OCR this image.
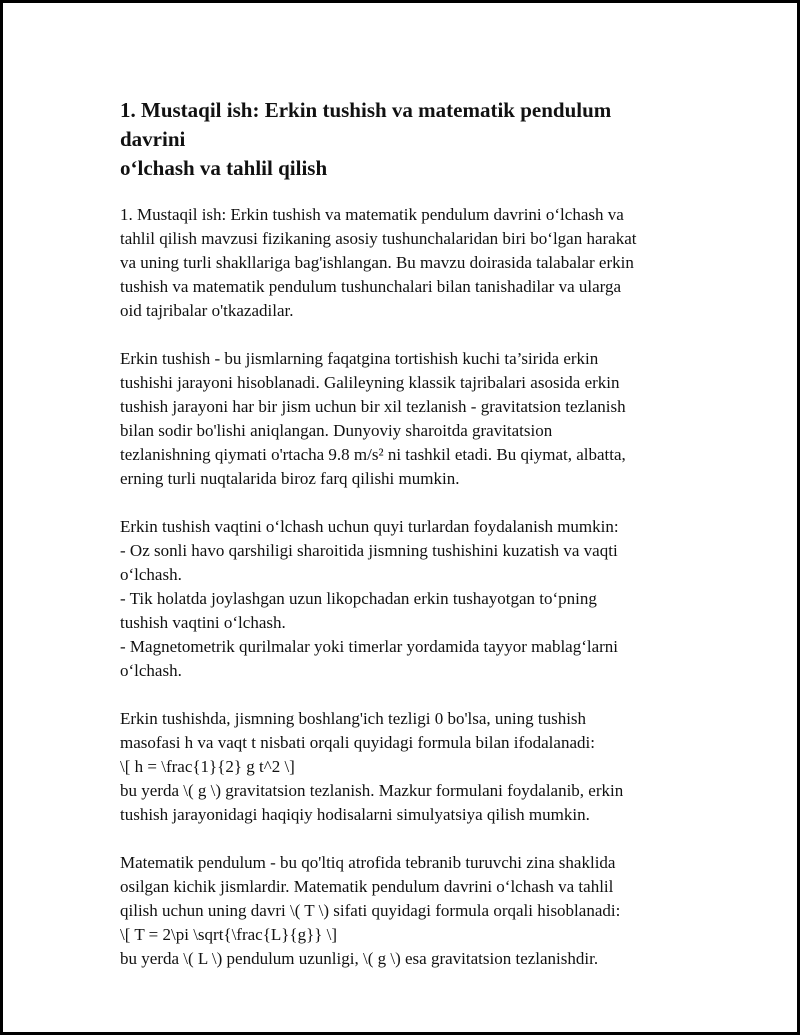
1. Mustaqil ish: Erkin tushish va matematik pendulum davrini
o‘lchash va tahlil qilish

1. Mustaqil ish: Erkin tushish va matematik pendulum davrini o‘lchash va
tahlil qilish mavzusi fizikaning asosiy tushunchalaridan biri bo‘lgan harakat
va uning turli shakllariga bag'ishlangan. Bu mavzu doirasida talabalar erkin
tushish va matematik pendulum tushunchalari bilan tanishadilar va ularga
oid tajribalar o'tkazadilar.

Erkin tushish - bu jismlarning faqatgina tortishish kuchi ta’sirida erkin
tushishi jarayoni hisoblanadi. Galileyning klassik tajribalari asosida erkin
tushish jarayoni har bir jism uchun bir xil tezlanish - gravitatsion tezlanish
bilan sodir bo'lishi aniqlangan. Dunyoviy sharoitda gravitatsion
tezlanishning qiymati o'rtacha 9.8 m/s² ni tashkil etadi. Bu qiymat, albatta,
erning turli nuqtalarida biroz farq qilishi mumkin.

Erkin tushish vaqtini o‘lchash uchun quyi turlardan foydalanish mumkin:
- Oz sonli havo qarshiligi sharoitida jismning tushishini kuzatish va vaqti
o‘lchash.
- Tik holatda joylashgan uzun likopchadan erkin tushayotgan to‘pning
tushish vaqtini o‘lchash.
- Magnetometrik qurilmalar yoki timerlar yordamida tayyor mablag‘larni
o‘lchash.

Erkin tushishda, jismning boshlang'ich tezligi 0 bo'lsa, uning tushish
masofasi h va vaqt t nisbati orqali quyidagi formula bilan ifodalanadi:
\[ h = \frac{1}{2} g t^2 \]
bu yerda \( g \) gravitatsion tezlanish. Mazkur formulani foydalanib, erkin
tushish jarayonidagi haqiqiy hodisalarni simulyatsiya qilish mumkin.

Matematik pendulum - bu qo'ltiq atrofida tebranib turuvchi zina shaklida
osilgan kichik jismlardir. Matematik pendulum davrini o‘lchash va tahlil
qilish uchun uning davri \( T \) sifati quyidagi formula orqali hisoblanadi:
\[ T = 2\pi \sqrt{\frac{L}{g}} \]
bu yerda \( L \) pendulum uzunligi, \( g \) esa gravitatsion tezlanishdir.
